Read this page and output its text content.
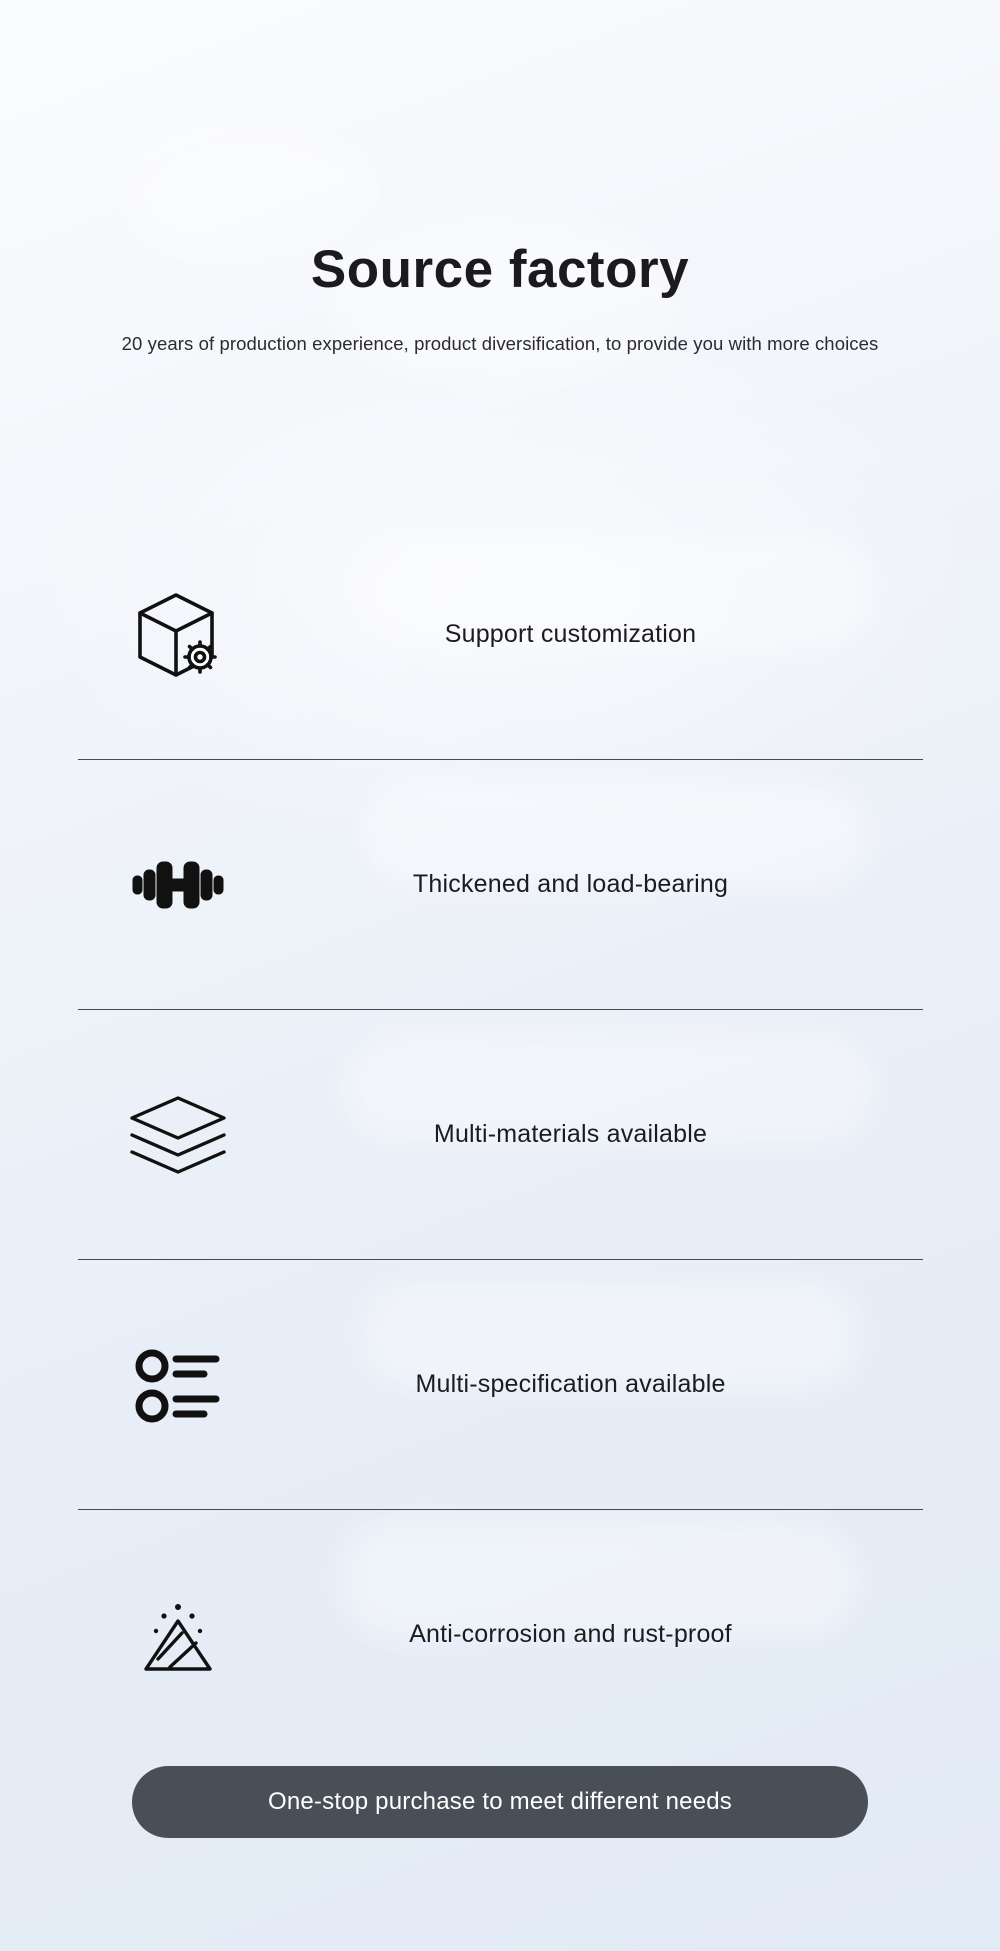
Source factory

20 years of production experience, product diversification, to provide you with more choices

Support customization
Thickened and load-bearing
Multi-materials available
Multi-specification available
Anti-corrosion and rust-proof
One-stop purchase to meet different needs
